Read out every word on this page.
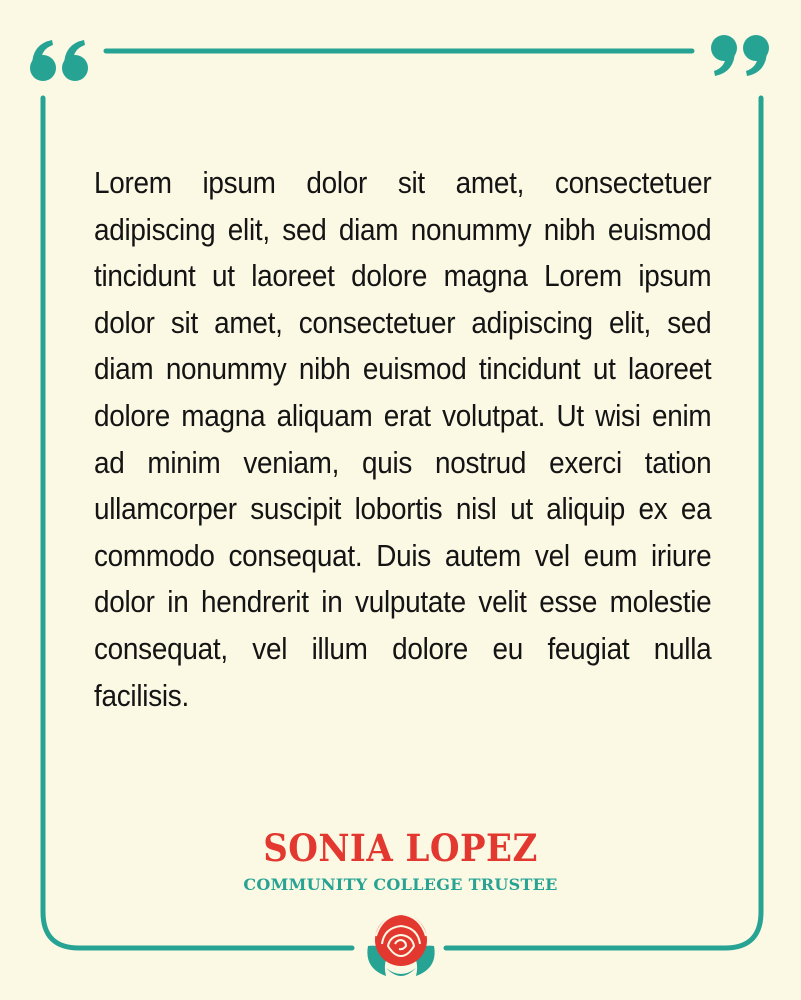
Lorem ipsum dolor sit amet, consectetuer adipiscing elit, sed diam nonummy nibh euismod tincidunt ut laoreet dolore magna Lorem ipsum dolor sit amet, consectetuer adipiscing elit, sed diam nonummy nibh euismod tincidunt ut laoreet dolore magna aliquam erat volutpat. Ut wisi enim ad minim veniam, quis nostrud exerci tation ullamcorper suscipit lobortis nisl ut aliquip ex ea commodo consequat. Duis autem vel eum iriure dolor in hendrerit in vulputate velit esse molestie consequat, vel illum dolore eu feugiat nulla facilisis.

SONIA LOPEZ
COMMUNITY COLLEGE TRUSTEE
